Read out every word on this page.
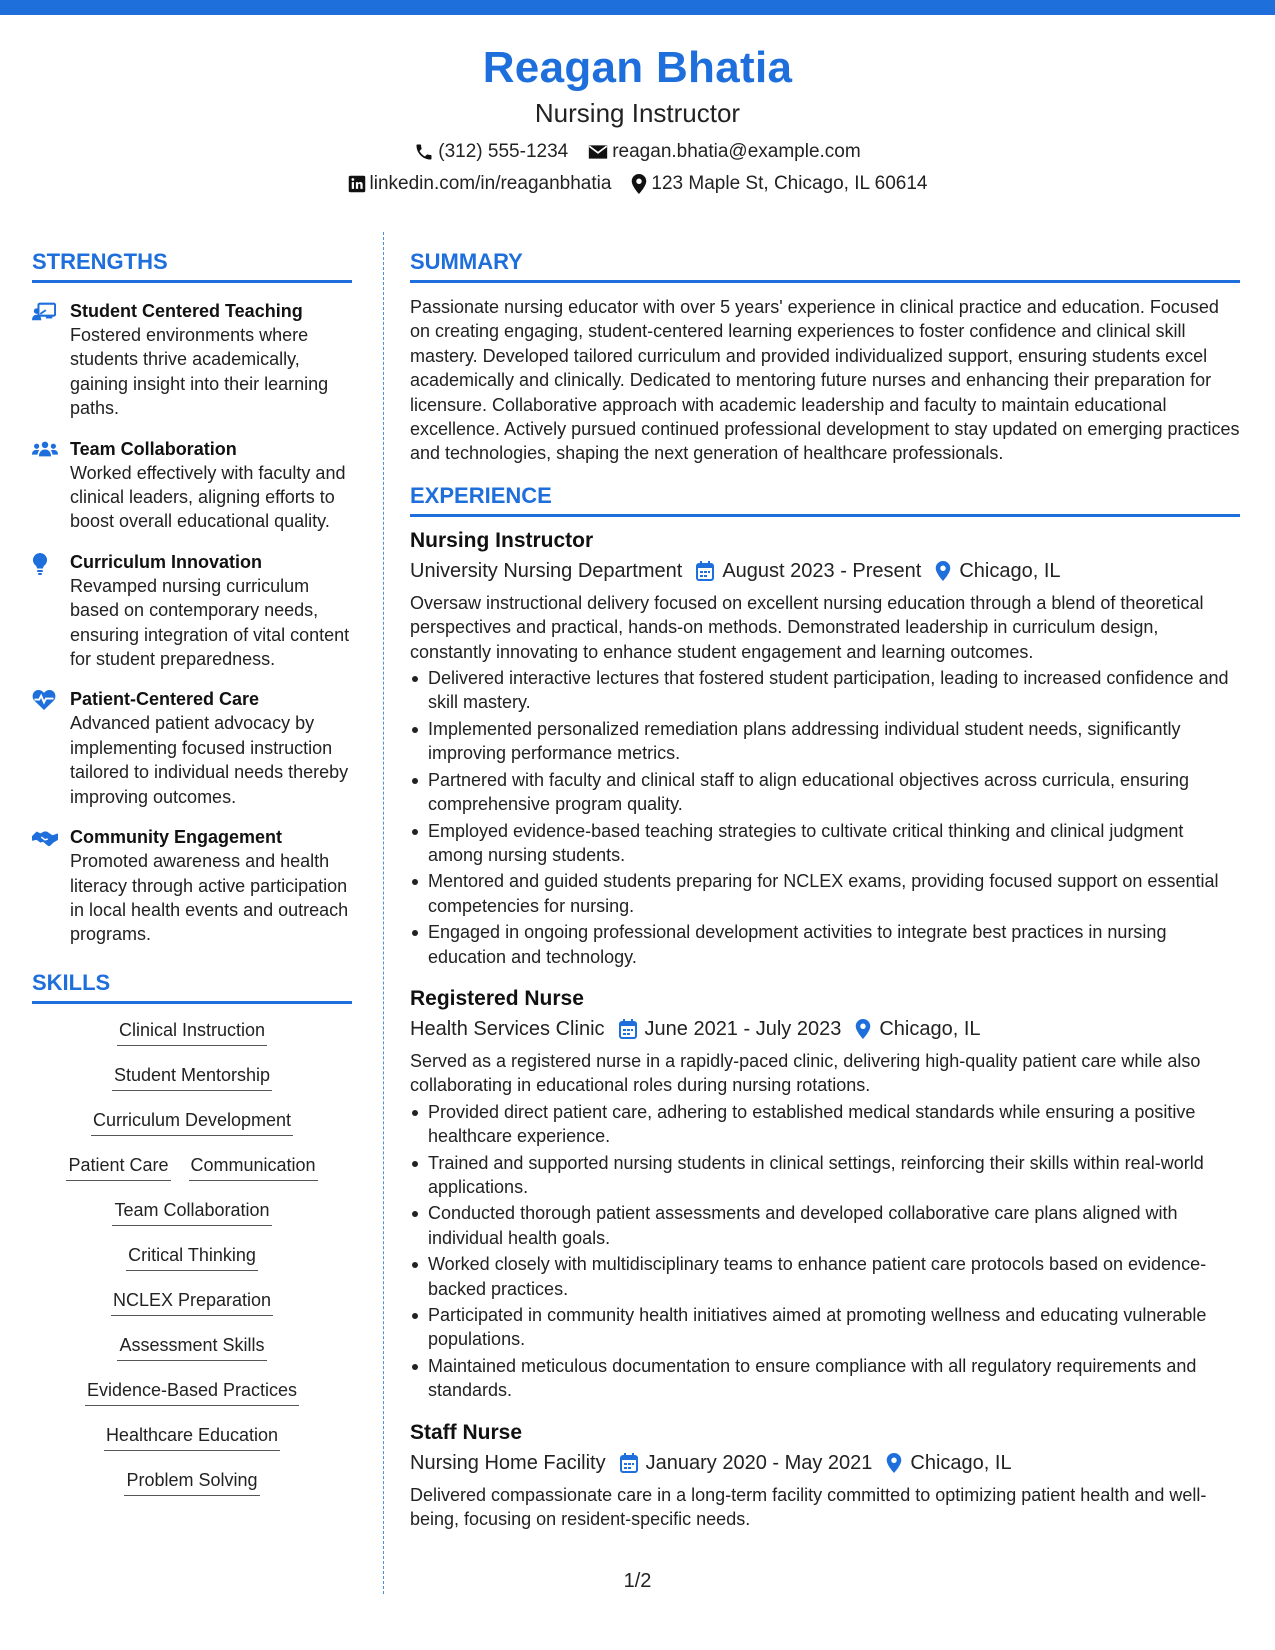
Reagan Bhatia
Nursing Instructor
(312) 555-1234 reagan.bhatia@example.com
linkedin.com/in/reaganbhatia 123 Maple St, Chicago, IL 60614
STRENGTHS
Student Centered Teaching
Fostered environments where students thrive academically, gaining insight into their learning paths.
Team Collaboration
Worked effectively with faculty and clinical leaders, aligning efforts to boost overall educational quality.
Curriculum Innovation
Revamped nursing curriculum based on contemporary needs, ensuring integration of vital content for student preparedness.
Patient-Centered Care
Advanced patient advocacy by implementing focused instruction tailored to individual needs thereby improving outcomes.
Community Engagement
Promoted awareness and health literacy through active participation in local health events and outreach programs.
SKILLS
Clinical Instruction
Student Mentorship
Curriculum Development
Patient Care Communication
Team Collaboration
Critical Thinking
NCLEX Preparation
Assessment Skills
Evidence-Based Practices
Healthcare Education
Problem Solving
SUMMARY
Passionate nursing educator with over 5 years' experience in clinical practice and education. Focused on creating engaging, student-centered learning experiences to foster confidence and clinical skill mastery. Developed tailored curriculum and provided individualized support, ensuring students excel academically and clinically. Dedicated to mentoring future nurses and enhancing their preparation for licensure. Collaborative approach with academic leadership and faculty to maintain educational excellence. Actively pursued continued professional development to stay updated on emerging practices and technologies, shaping the next generation of healthcare professionals.
EXPERIENCE
Nursing Instructor
University Nursing Department August 2023 - Present Chicago, IL
Oversaw instructional delivery focused on excellent nursing education through a blend of theoretical perspectives and practical, hands-on methods. Demonstrated leadership in curriculum design, constantly innovating to enhance student engagement and learning outcomes.
Delivered interactive lectures that fostered student participation, leading to increased confidence and skill mastery.
Implemented personalized remediation plans addressing individual student needs, significantly improving performance metrics.
Partnered with faculty and clinical staff to align educational objectives across curricula, ensuring comprehensive program quality.
Employed evidence-based teaching strategies to cultivate critical thinking and clinical judgment among nursing students.
Mentored and guided students preparing for NCLEX exams, providing focused support on essential competencies for nursing.
Engaged in ongoing professional development activities to integrate best practices in nursing education and technology.
Registered Nurse
Health Services Clinic June 2021 - July 2023 Chicago, IL
Served as a registered nurse in a rapidly-paced clinic, delivering high-quality patient care while also collaborating in educational roles during nursing rotations.
Provided direct patient care, adhering to established medical standards while ensuring a positive healthcare experience.
Trained and supported nursing students in clinical settings, reinforcing their skills within real-world applications.
Conducted thorough patient assessments and developed collaborative care plans aligned with individual health goals.
Worked closely with multidisciplinary teams to enhance patient care protocols based on evidence-backed practices.
Participated in community health initiatives aimed at promoting wellness and educating vulnerable populations.
Maintained meticulous documentation to ensure compliance with all regulatory requirements and standards.
Staff Nurse
Nursing Home Facility January 2020 - May 2021 Chicago, IL
Delivered compassionate care in a long-term facility committed to optimizing patient health and well-being, focusing on resident-specific needs.
1/2
